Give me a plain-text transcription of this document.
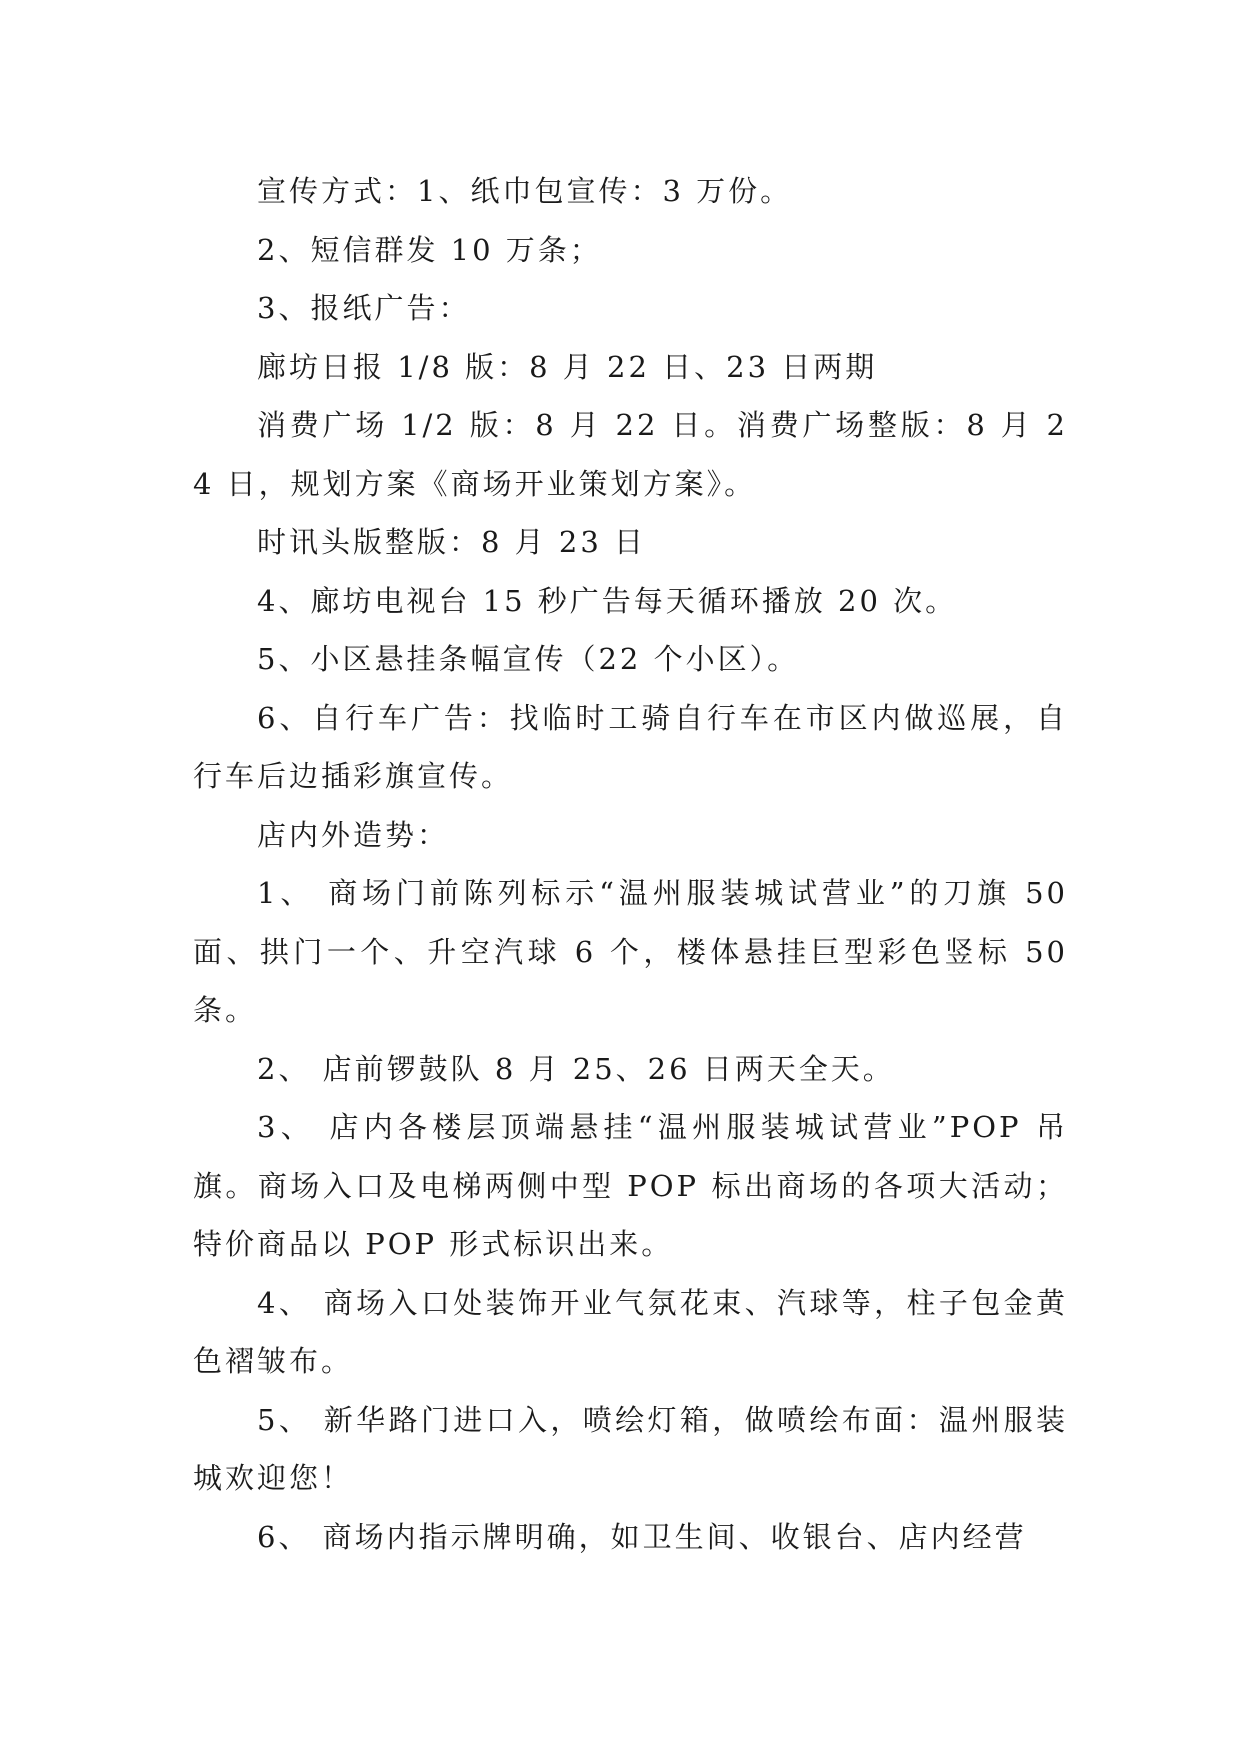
宣传方式：1、纸巾包宣传：3 万份。

2、短信群发 10 万条；

3、报纸广告：

廊坊日报 1/8 版：8 月 22 日、23 日两期

消费广场 1/2 版：8 月 22 日。消费广场整版：8 月 24 日，规划方案《商场开业策划方案》。

时讯头版整版：8 月 23 日

4、廊坊电视台 15 秒广告每天循环播放 20 次。

5、小区悬挂条幅宣传（22 个小区）。

6、自行车广告：找临时工骑自行车在市区内做巡展，自行车后边插彩旗宣传。

店内外造势：

1、 商场门前陈列标示“温州服装城试营业”的刀旗 50 面、拱门一个、升空汽球 6 个，楼体悬挂巨型彩色竖标 50 条。

2、 店前锣鼓队 8 月 25、26 日两天全天。

3、 店内各楼层顶端悬挂“温州服装城试营业”POP 吊旗。商场入口及电梯两侧中型 POP 标出商场的各项大活动；特价商品以 POP 形式标识出来。

4、 商场入口处装饰开业气氛花束、汽球等，柱子包金黄色褶皱布。

5、 新华路门进口入，喷绘灯箱，做喷绘布面：温州服装城欢迎您！

6、 商场内指示牌明确，如卫生间、收银台、店内经营
